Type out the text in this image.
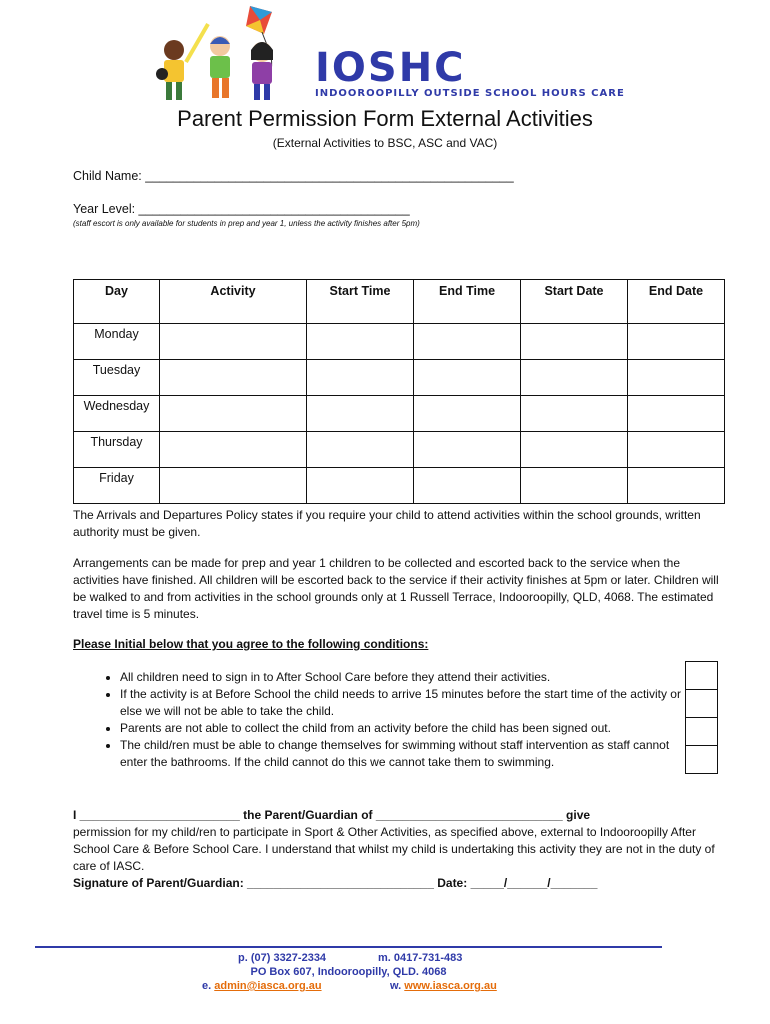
IOSHC
INDOOROOPILLY OUTSIDE SCHOOL HOURS CARE
Parent Permission Form External Activities
(External Activities to BSC, ASC and VAC)
Child Name: _____________________________________________________
Year Level: _______________________________________
(staff escort is only available for students in prep and year 1, unless the activity finishes after 5pm)
Day	Activity	Start Time	End Time	Start Date	End Date
Monday					
Tuesday					
Wednesday					
Thursday					
Friday					
The Arrivals and Departures Policy states if you require your child to attend activities within the school grounds, written authority must be given.
Arrangements can be made for prep and year 1 children to be collected and escorted back to the service when the activities have finished. All children will be escorted back to the service if their activity finishes at 5pm or later. Children will be walked to and from activities in the school grounds only at 1 Russell Terrace, Indooroopilly, QLD, 4068. The estimated travel time is 5 minutes.
Please Initial below that you agree to the following conditions:
• All children need to sign in to After School Care before they attend their activities.
• If the activity is at Before School the child needs to arrive 15 minutes before the start time of the activity or else we will not be able to take the child.
• Parents are not able to collect the child from an activity before the child has been signed out.
• The child/ren must be able to change themselves for swimming without staff intervention as staff cannot enter the bathrooms. If the child cannot do this we cannot take them to swimming.
I ________________________ the Parent/Guardian of ____________________________ give
permission for my child/ren to participate in Sport & Other Activities, as specified above, external to Indooroopilly After School Care & Before School Care. I understand that whilst my child is undertaking this activity they are not in the duty of care of IASC.
Signature of Parent/Guardian: ____________________________ Date: _____/______/_______
p. (07) 3327-2334	m. 0417-731-483
PO Box 607, Indooroopilly, QLD. 4068
e. admin@iasca.org.au	w. www.iasca.org.au
